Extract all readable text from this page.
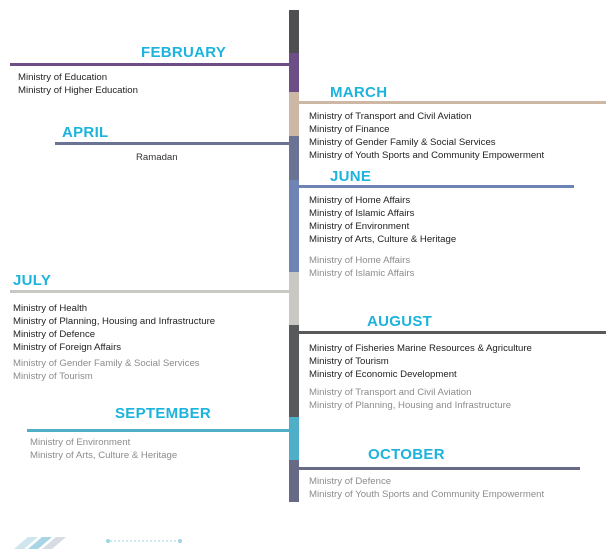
FEBRUARY
Ministry of Education
Ministry of Higher Education	MARCH
Ministry of Transport and Civil Aviation
Ministry of Finance
Ministry of Gender Family & Social Services
Ministry of Youth Sports and Community Empowerment
APRIL
Ramadan
JUNE
Ministry of Home Affairs
Ministry of Islamic Affairs
Ministry of Environment
Ministry of Arts, Culture & Heritage
Ministry of Home Affairs
Ministry of Islamic Affairs
JULY
Ministry of Health
Ministry of Planning, Housing and Infrastructure
Ministry of Defence
Ministry of Foreign Affairs
Ministry of Gender Family & Social Services
Ministry of Tourism
AUGUST
Ministry of Fisheries Marine Resources & Agriculture
Ministry of Tourism
Ministry of Economic Development
Ministry of Transport and Civil Aviation
Ministry of Planning, Housing and Infrastructure
SEPTEMBER
Ministry of Environment
Ministry of Arts, Culture & Heritage	OCTOBER
Ministry of Defence
Ministry of Youth Sports and Community Empowerment
